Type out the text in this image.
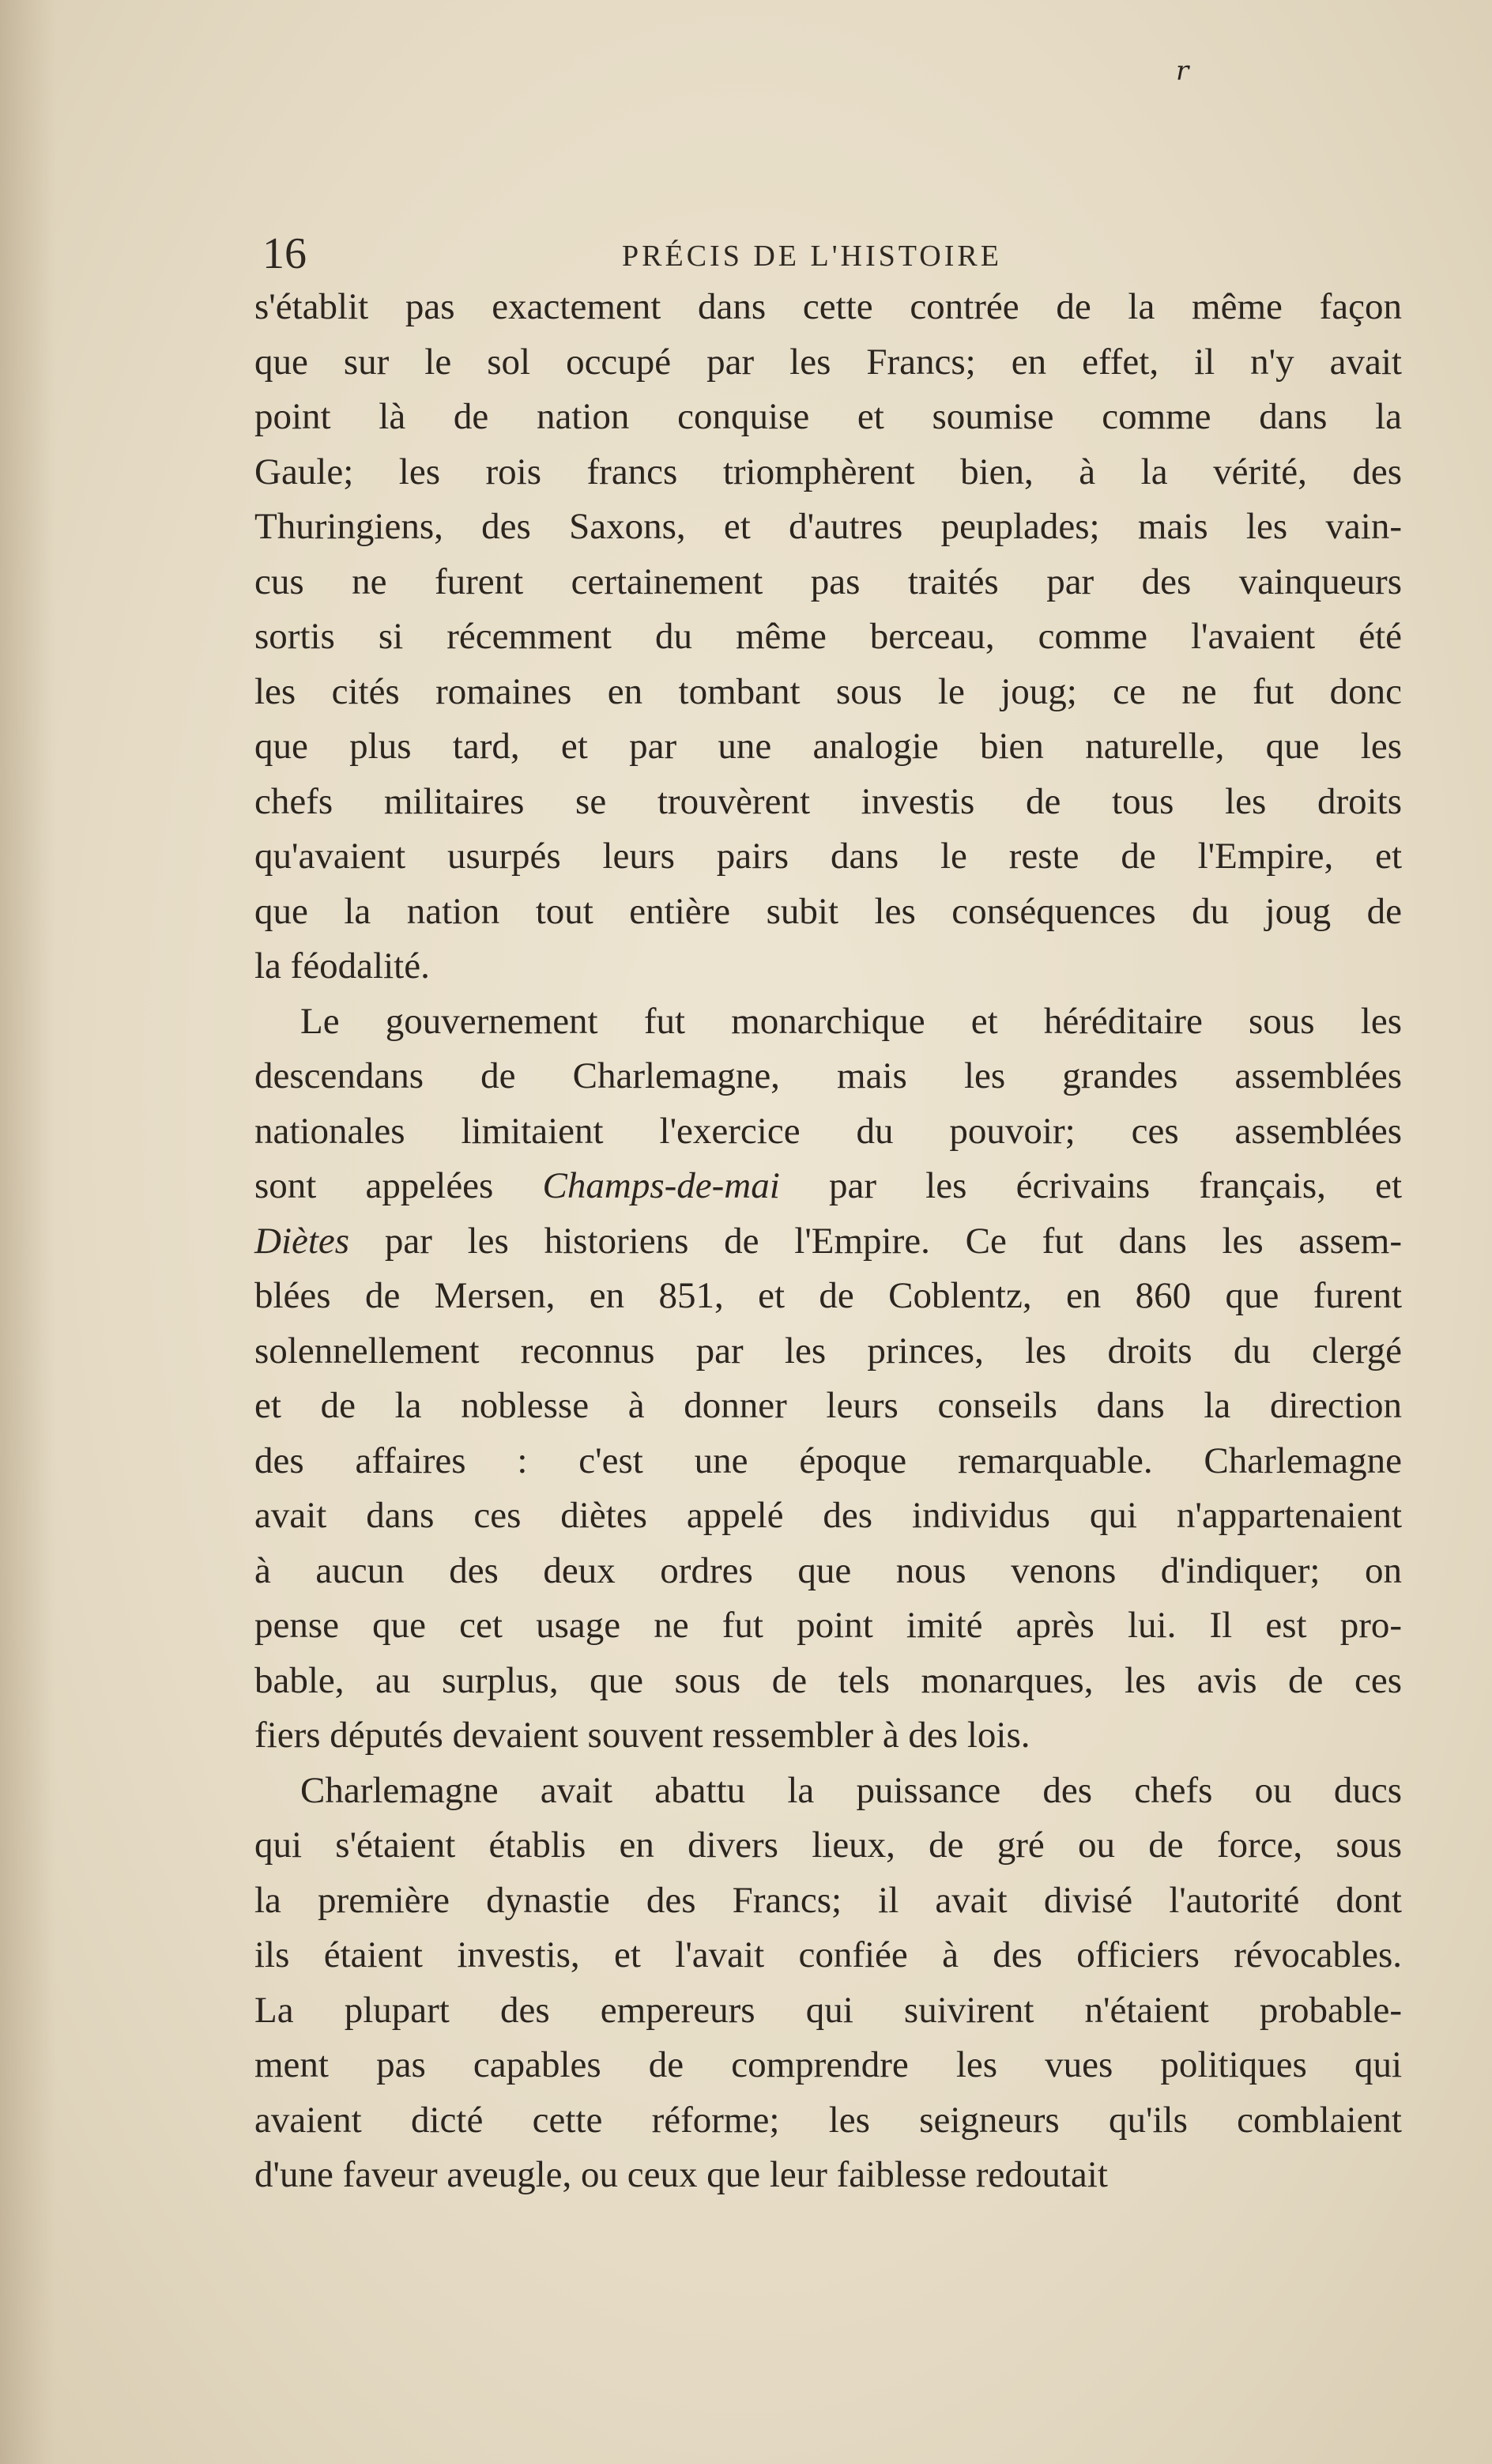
r
16	PRÉCIS DE L'HISTOIRE

s'établit pas exactement dans cette contrée de la même façon
que sur le sol occupé par les Francs; en effet, il n'y avait
point là de nation conquise et soumise comme dans la
Gaule; les rois francs triomphèrent bien, à la vérité, des
Thuringiens, des Saxons, et d'autres peuplades; mais les vain-
cus ne furent certainement pas traités par des vainqueurs
sortis si récemment du même berceau, comme l'avaient été
les cités romaines en tombant sous le joug; ce ne fut donc
que plus tard, et par une analogie bien naturelle, que les
chefs militaires se trouvèrent investis de tous les droits
qu'avaient usurpés leurs pairs dans le reste de l'Empire, et
que la nation tout entière subit les conséquences du joug de
la féodalité.

Le gouvernement fut monarchique et héréditaire sous les
descendans de Charlemagne, mais les grandes assemblées
nationales limitaient l'exercice du pouvoir; ces assemblées
sont appelées Champs-de-mai par les écrivains français, et
Diètes par les historiens de l'Empire. Ce fut dans les assem-
blées de Mersen, en 851, et de Coblentz, en 860 que furent
solennellement reconnus par les princes, les droits du clergé
et de la noblesse à donner leurs conseils dans la direction
des affaires : c'est une époque remarquable. Charlemagne
avait dans ces diètes appelé des individus qui n'appartenaient
à aucun des deux ordres que nous venons d'indiquer; on
pense que cet usage ne fut point imité après lui. Il est pro-
bable, au surplus, que sous de tels monarques, les avis de ces
fiers députés devaient souvent ressembler à des lois.

Charlemagne avait abattu la puissance des chefs ou ducs
qui s'étaient établis en divers lieux, de gré ou de force, sous
la première dynastie des Francs; il avait divisé l'autorité dont
ils étaient investis, et l'avait confiée à des officiers révocables.
La plupart des empereurs qui suivirent n'étaient probable-
ment pas capables de comprendre les vues politiques qui
avaient dicté cette réforme; les seigneurs qu'ils comblaient
d'une faveur aveugle, ou ceux que leur faiblesse redoutait
